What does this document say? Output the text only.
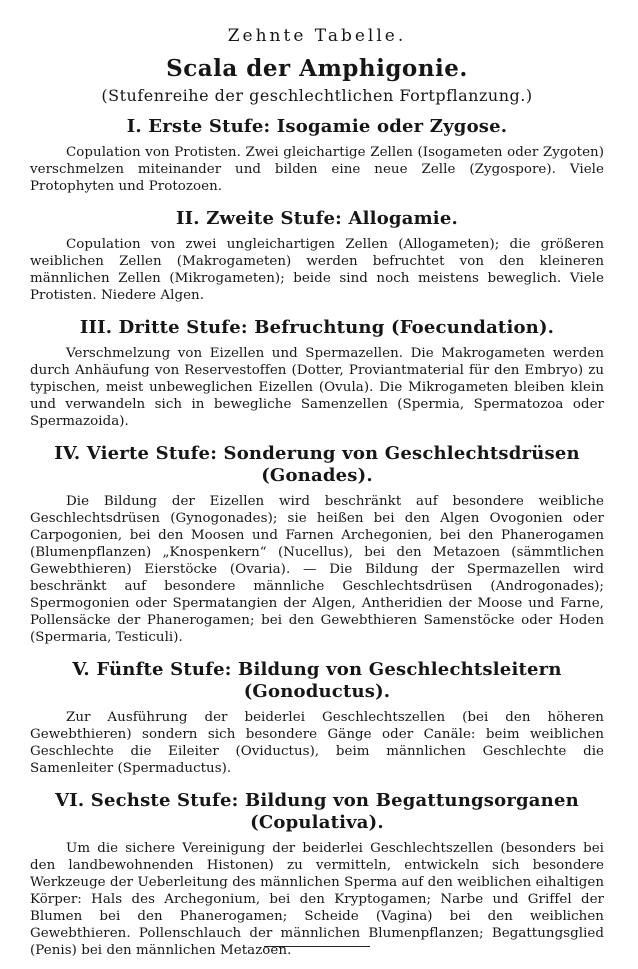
Zehnte Tabelle.
Scala der Amphigonie.
(Stufenreihe der geschlechtlichen Fortpflanzung.)
I. Erste Stufe: Isogamie oder Zygose.

Copulation von Protisten. Zwei gleichartige Zellen (Isogameten oder Zygoten) verschmelzen miteinander und bilden eine neue Zelle (Zygospore). Viele Protophyten und Protozoen.

II. Zweite Stufe: Allogamie.

Copulation von zwei ungleichartigen Zellen (Allogameten); die größeren weiblichen Zellen (Makrogameten) werden befruchtet von den kleineren männlichen Zellen (Mikrogameten); beide sind noch meistens beweglich. Viele Protisten. Niedere Algen.

III. Dritte Stufe: Befruchtung (Foecundation).

Verschmelzung von Eizellen und Spermazellen. Die Makrogameten werden durch Anhäufung von Reservestoffen (Dotter, Proviantmaterial für den Embryo) zu typischen, meist unbeweglichen Eizellen (Ovula). Die Mikrogameten bleiben klein und verwandeln sich in bewegliche Samenzellen (Spermia, Spermatozoa oder Spermazoida).

IV. Vierte Stufe: Sonderung von Geschlechtsdrüsen (Gonades).

Die Bildung der Eizellen wird beschränkt auf besondere weibliche Geschlechtsdrüsen (Gynogonades); sie heißen bei den Algen Ovogonien oder Carpogonien, bei den Moosen und Farnen Archegonien, bei den Phanerogamen (Blumenpflanzen) „Knospenkern“ (Nucellus), bei den Metazoen (sämmtlichen Gewebthieren) Eierstöcke (Ovaria). — Die Bildung der Spermazellen wird beschränkt auf besondere männliche Geschlechtsdrüsen (Androgonades); Spermogonien oder Spermatangien der Algen, Antheridien der Moose und Farne, Pollensäcke der Phanerogamen; bei den Gewebthieren Samenstöcke oder Hoden (Spermaria, Testiculi).

V. Fünfte Stufe: Bildung von Geschlechtsleitern (Gonoductus).

Zur Ausführung der beiderlei Geschlechtszellen (bei den höheren Gewebthieren) sondern sich besondere Gänge oder Canäle: beim weiblichen Geschlechte die Eileiter (Oviductus), beim männlichen Geschlechte die Samenleiter (Spermaductus).

VI. Sechste Stufe: Bildung von Begattungsorganen (Copulativa).

Um die sichere Vereinigung der beiderlei Geschlechtszellen (besonders bei den landbewohnenden Histonen) zu vermitteln, entwickeln sich besondere Werkzeuge der Ueberleitung des männlichen Sperma auf den weiblichen eihaltigen Körper: Hals des Archegonium, bei den Kryptogamen; Narbe und Griffel der Blumen bei den Phanerogamen; Scheide (Vagina) bei den weiblichen Gewebthieren. Pollenschlauch der männlichen Blumenpflanzen; Begattungsglied (Penis) bei den männlichen Metazoen.
